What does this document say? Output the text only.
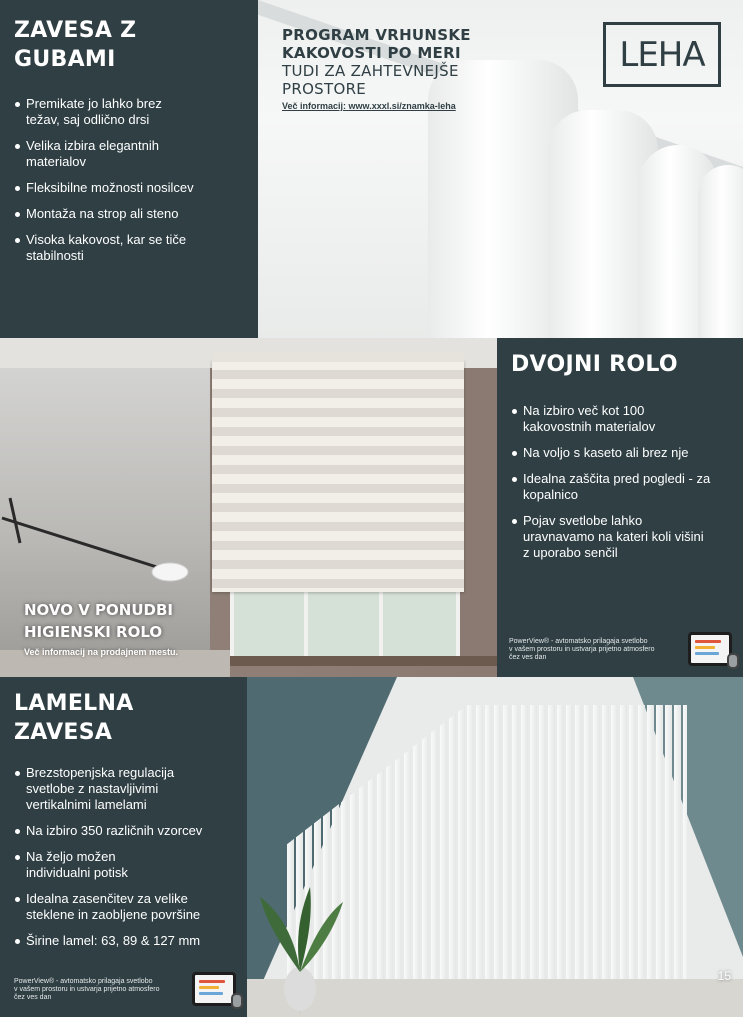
ZAVESA Z
GUBAMI
Premikate jo lahko brez težav, saj odlično drsi
Velika izbira elegantnih materialov
Fleksibilne možnosti nosilcev
Montaža na strop ali steno
Visoka kakovost, kar se tiče stabilnosti
PROGRAM VRHUNSKE
KAKOVOSTI PO MERI
TUDI ZA ZAHTEVNEJŠE
PROSTORE
Več informacij: www.xxxl.si/znamka-leha
LEHA
NOVO V PONUDBI
HIGIENSKI ROLO
Več informacij na prodajnem mestu.
DVOJNI ROLO
Na izbiro več kot 100 kakovostnih materialov
Na voljo s kaseto ali brez nje
Idealna zaščita pred pogledi - za kopalnico
Pojav svetlobe lahko uravnavamo na kateri koli višini z uporabo senčil
PowerView® - avtomatsko prilagaja svetlobo
v vašem prostoru in ustvarja prijetno atmosfero
čez ves dan
LAMELNA ZAVESA
Brezstopenjska regulacija svetlobe z nastavljivimi vertikalnimi lamelami
Na izbiro 350 različnih vzorcev
Na željo možen individualni potisk
Idealna zasenčitev za velike steklene in zaobljene površine
Širine lamel: 63, 89 & 127 mm
PowerView® - avtomatsko prilagaja svetlobo
v vašem prostoru in ustvarja prijetno atmosfero
čez ves dan
15
